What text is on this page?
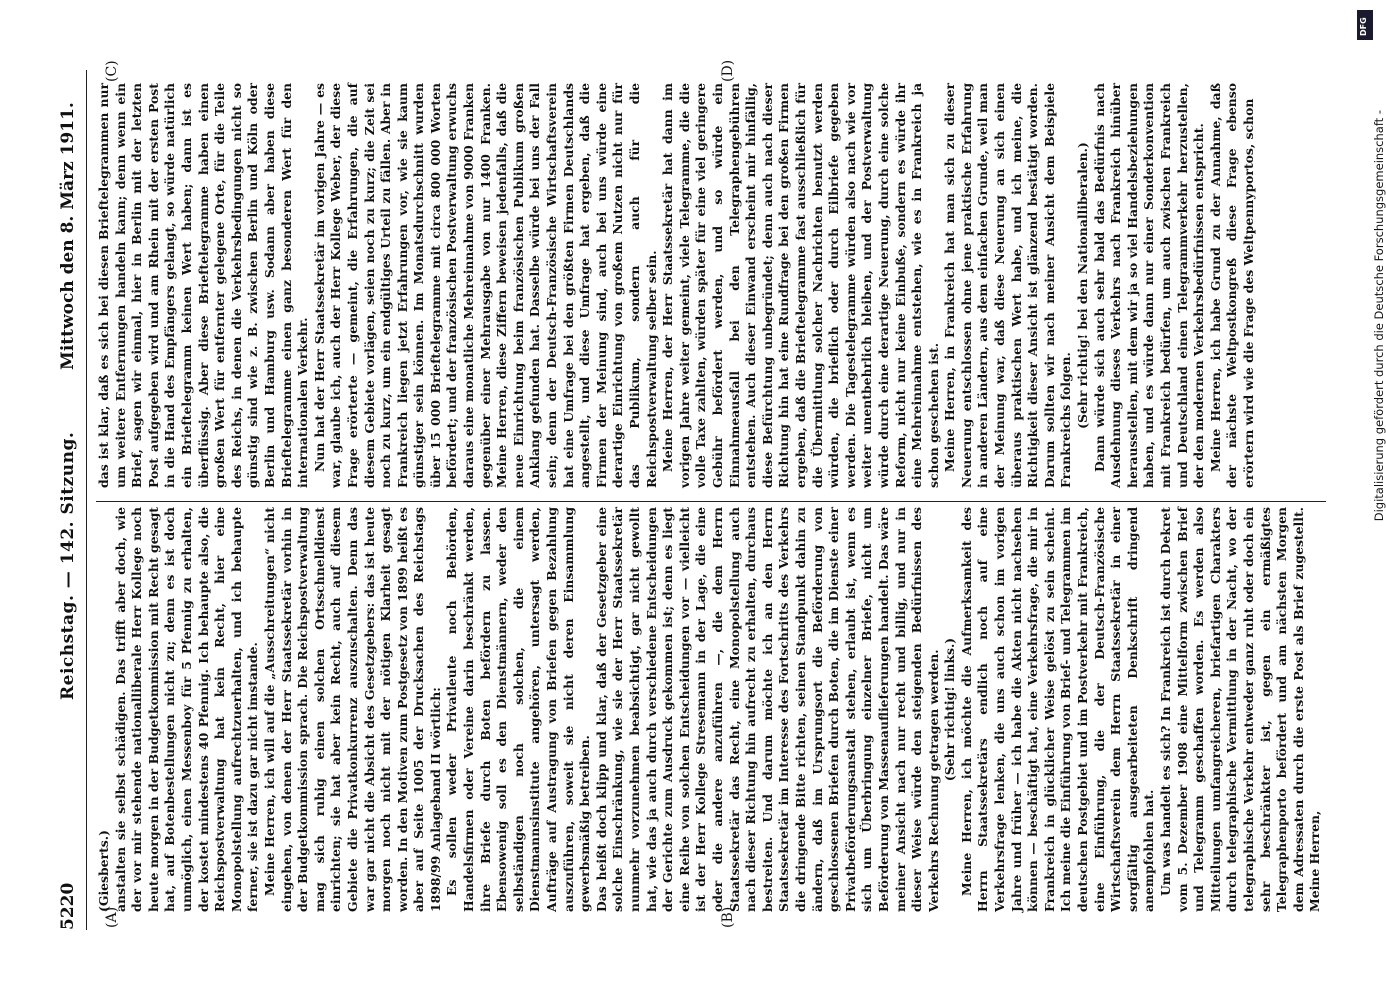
5220
Reichstag. — 142. Sitzung.
Mittwoch den 8. März 1911.
(A)	(B)
(C)	(D)

(Giesberts.) anstalten sie selbst schädigen. Das trifft aber doch, wie der vor mir stehende nationalliberale Herr Kollege noch heute morgen in der Budgetkommission mit Recht gesagt hat, auf Botenbestellungen nicht zu; denn es ist doch unmöglich, einen Messenboy für 5 Pfennig zu erhalten, der kostet mindestens 40 Pfennig. Ich behaupte also, die Reichspostverwaltung hat kein Recht, hier eine Monopolstellung aufrechtzuerhalten, und ich behaupte ferner, sie ist dazu gar nicht imstande. Meine Herren, ich will auf die „Ausschreitungen“ nicht eingehen, von denen der Herr Staatssekretär vorhin in der Budgetkommission sprach. Die Reichspostverwaltung mag sich ruhig einen solchen Ortsschnelldienst einrichten; sie hat aber kein Recht, auch auf diesem Gebiete die Privatkonkurrenz auszuschalten. Denn das war gar nicht die Absicht des Gesetzgebers: das ist heute morgen noch nicht mit der nötigen Klarheit gesagt worden. In den Motiven zum Postgesetz von 1899 heißt es aber auf Seite 1005 der Drucksachen des Reichstags 1898/99 Anlageband II wörtlich: Es sollen weder Privatleute noch Behörden, Handelsfirmen oder Vereine darin beschränkt werden, ihre Briefe durch Boten befördern zu lassen. Ebensowenig soll es den Dienstmännern, weder den selbständigen noch solchen, die einem Dienstmannsinstitute angehören, untersagt werden, Aufträge auf Austragung von Briefen gegen Bezahlung auszuführen, soweit sie nicht deren Einsammlung gewerbsmäßig betreiben. Das heißt doch klipp und klar, daß der Gesetzgeber eine solche Einschränkung, wie sie der Herr Staatssekretär nunmehr vorzunehmen beabsichtigt, gar nicht gewollt hat, wie das ja auch durch verschiedene Entscheidungen der Gerichte zum Ausdruck gekommen ist; denn es liegt eine Reihe von solchen Entscheidungen vor — vielleicht ist der Herr Kollege Stresemann in der Lage, die eine oder die andere anzuführen —, die dem Herrn Staatssekretär das Recht, eine Monopolstellung auch nach dieser Richtung hin aufrecht zu erhalten, durchaus bestreiten. Und darum möchte ich an den Herrn Staatssekretär im Interesse des Fortschritts des Verkehrs die dringende Bitte richten, seinen Standpunkt dahin zu ändern, daß im Ursprungsort die Beförderung von geschlossenen Briefen durch Boten, die im Dienste einer Privatbeförderungsanstalt stehen, erlaubt ist, wenn es sich um Überbringung einzelner Briefe, nicht um Beförderung von Massenauflieferungen handelt. Das wäre meiner Ansicht nach nur recht und billig, und nur in dieser Weise würde den steigenden Bedürfnissen des Verkehrs Rechnung getragen werden. (Sehr richtig! links.) Meine Herren, ich möchte die Aufmerksamkeit des Herrn Staatssekretärs endlich noch auf eine Verkehrsfrage lenken, die uns auch schon im vorigen Jahre und früher — ich habe die Akten nicht nachsehen können — beschäftigt hat, eine Verkehrsfrage, die mir in Frankreich in glücklicher Weise gelöst zu sein scheint. Ich meine die Einführung von Brief- und Telegrammen im deutschen Postgebiet und im Postverkehr mit Frankreich, eine Einführung, die der Deutsch-Französische Wirtschaftsverein dem Herrn Staatssekretär in einer sorgfältig ausgearbeiteten Denkschrift dringend anempfohlen hat. Um was handelt es sich? In Frankreich ist durch Dekret vom 5. Dezember 1908 eine Mittelform zwischen Brief und Telegramm geschaffen worden. Es werden also Mitteilungen umfangreicheren, briefartigen Charakters durch telegraphische Vermittlung in der Nacht, wo der telegraphische Verkehr entweder ganz ruht oder doch ein sehr beschränkter ist, gegen ein ermäßigtes Telegraphenporto befördert und am nächsten Morgen dem Adressaten durch die erste Post als Brief zugestellt. Meine Herren,

das ist klar, daß es sich bei diesen Brieftelegrammen nur um weitere Entfernungen handeln kann; denn wenn ein Brief, sagen wir einmal, hier in Berlin mit der letzten Post aufgegeben wird und am Rhein mit der ersten Post in die Hand des Empfängers gelangt, so würde natürlich ein Brieftelegramm keinen Wert haben; dann ist es überflüssig. Aber diese Brieftelegramme haben einen großen Wert für entfernter gelegene Orte, für die Teile des Reichs, in denen die Verkehrsbedingungen nicht so günstig sind wie z. B. zwischen Berlin und Köln oder Berlin und Hamburg usw. Sodann aber haben diese Brieftelegramme einen ganz besonderen Wert für den internationalen Verkehr. Nun hat der Herr Staatssekretär im vorigen Jahre — es war, glaube ich, auch der Herr Kollege Weber, der diese Frage erörterte — gemeint, die Erfahrungen, die auf diesem Gebiete vorlägen, seien noch zu kurz; die Zeit sei noch zu kurz, um ein endgültiges Urteil zu fällen. Aber in Frankreich liegen jetzt Erfahrungen vor, wie sie kaum günstiger sein können. Im Monatsdurchschnitt wurden über 15 000 Brieftelegramme mit circa 800 000 Worten befördert; und der französischen Postverwaltung erwuchs daraus eine monatliche Mehreinnahme von 9000 Franken gegenüber einer Mehrausgabe von nur 1400 Franken. Meine Herren, diese Ziffern beweisen jedenfalls, daß die neue Einrichtung beim französischen Publikum großen Anklang gefunden hat. Dasselbe würde bei uns der Fall sein; denn der Deutsch-Französische Wirtschaftsverein hat eine Umfrage bei den größten Firmen Deutschlands angestellt, und diese Umfrage hat ergeben, daß die Firmen der Meinung sind, auch bei uns würde eine derartige Einrichtung von großem Nutzen nicht nur für das Publikum, sondern auch für die Reichspostverwaltung selber sein. Meine Herren, der Herr Staatssekretär hat dann im vorigen Jahre weiter gemeint, viele Telegramme, die die volle Taxe zahlten, würden später für eine viel geringere Gebühr befördert werden, und so würde ein Einnahmeausfall bei den Telegraphengebühren entstehen. Auch dieser Einwand erscheint mir hinfällig, diese Befürchtung unbegründet; denn auch nach dieser Richtung hin hat eine Rundfrage bei den großen Firmen ergeben, daß die Brieftelegramme fast ausschließlich für die Übermittlung solcher Nachrichten benutzt werden würden, die brieflich oder durch Eilbriefe gegeben werden. Die Tagestelegramme würden also nach wie vor weiter unentbehrlich bleiben, und der Postverwaltung würde durch eine derartige Neuerung, durch eine solche Reform, nicht nur keine Einbuße, sondern es würde ihr eine Mehreinnahme entstehen, wie es in Frankreich ja schon geschehen ist. Meine Herren, in Frankreich hat man sich zu dieser Neuerung entschlossen ohne jene praktische Erfahrung in anderen Ländern, aus dem einfachen Grunde, weil man der Meinung war, daß diese Neuerung an sich einen überaus praktischen Wert habe, und ich meine, die Richtigkeit dieser Ansicht ist glänzend bestätigt worden. Darum sollten wir nach meiner Ansicht dem Beispiele Frankreichs folgen. (Sehr richtig! bei den Nationalliberalen.) Dann würde sich auch sehr bald das Bedürfnis nach Ausdehnung dieses Verkehrs nach Frankreich hinüber herausstellen, mit dem wir ja so viel Handelsbeziehungen haben, und es würde dann nur einer Sonderkonvention mit Frankreich bedürfen, um auch zwischen Frankreich und Deutschland einen Telegrammverkehr herzustellen, der den modernen Verkehrsbedürfnissen entspricht. Meine Herren, ich habe Grund zu der Annahme, daß der nächste Weltpostkongreß diese Frage ebenso erörtern wird wie die Frage des Weltpennyportos, schon

DFG
Digitalisierung gefördert durch die Deutsche Forschungsgemeinschaft -
